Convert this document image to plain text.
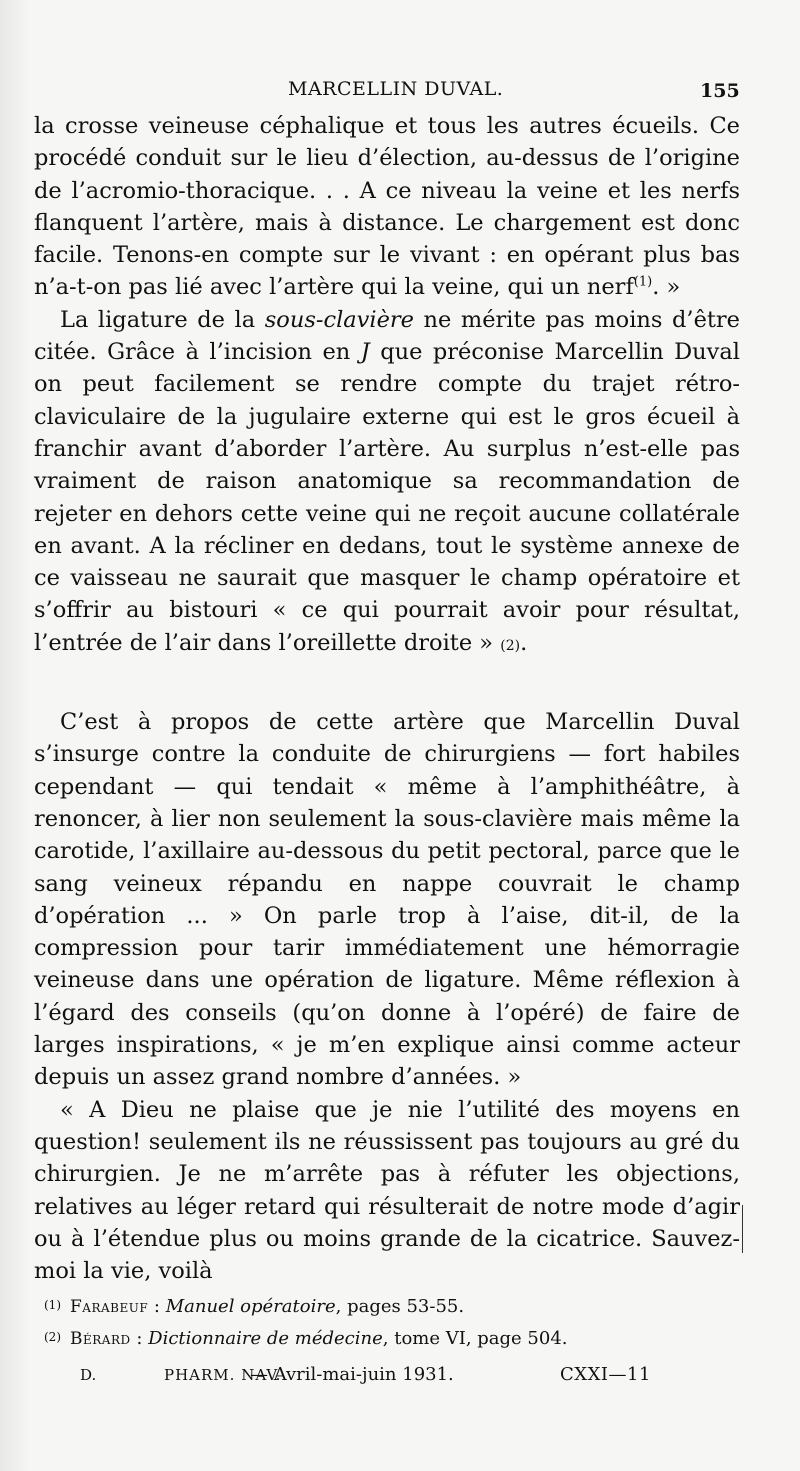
MARCELLIN DUVAL.	155

la crosse veineuse céphalique et tous les autres écueils. Ce procédé conduit sur le lieu d’élection, au-dessus de l’origine de l’acromio-thoracique. . . A ce niveau la veine et les nerfs flanquent l’artère, mais à distance. Le chargement est donc facile. Tenons-en compte sur le vivant : en opérant plus bas n’a-t-on pas lié avec l’artère qui la veine, qui un nerf$^{(1)}$. »

La ligature de la sous-clavière ne mérite pas moins d’être citée. Grâce à l’incision en J que préconise Marcellin Duval on peut facilement se rendre compte du trajet rétro-claviculaire de la jugulaire externe qui est le gros écueil à franchir avant d’aborder l’artère. Au surplus n’est-elle pas vraiment de raison anatomique sa recommandation de rejeter en dehors cette veine qui ne reçoit aucune collatérale en avant. A la récliner en dedans, tout le système annexe de ce vaisseau ne saurait que masquer le champ opératoire et s’offrir au bistouri « ce qui pourrait avoir pour résultat, l’entrée de l’air dans l’oreillette droite » (2).

C’est à propos de cette artère que Marcellin Duval s’insurge contre la conduite de chirurgiens — fort habiles cependant — qui tendait « même à l’amphithéâtre, à renoncer, à lier non seulement la sous-clavière mais même la carotide, l’axillaire au-dessous du petit pectoral, parce que le sang veineux répandu en nappe couvrait le champ d’opération ... » On parle trop à l’aise, dit-il, de la compression pour tarir immédiatement une hémorragie veineuse dans une opération de ligature. Même réflexion à l’égard des conseils (qu’on donne à l’opéré) de faire de larges inspirations, « je m’en explique ainsi comme acteur depuis un assez grand nombre d’années. »

« A Dieu ne plaise que je nie l’utilité des moyens en question! seulement ils ne réussissent pas toujours au gré du chirurgien. Je ne m’arrête pas à réfuter les objections, relatives au léger retard qui résulterait de notre mode d’agir ou à l’étendue plus ou moins grande de la cicatrice. Sauvez-moi la vie, voilà

(1) Farabeuf : Manuel opératoire, pages 53-55.
(2) Bérard : Dictionnaire de médecine, tome VI, page 504.
D.	PHARM. NAV.
— Avril-mai-juin 1931.	CXXI—11
